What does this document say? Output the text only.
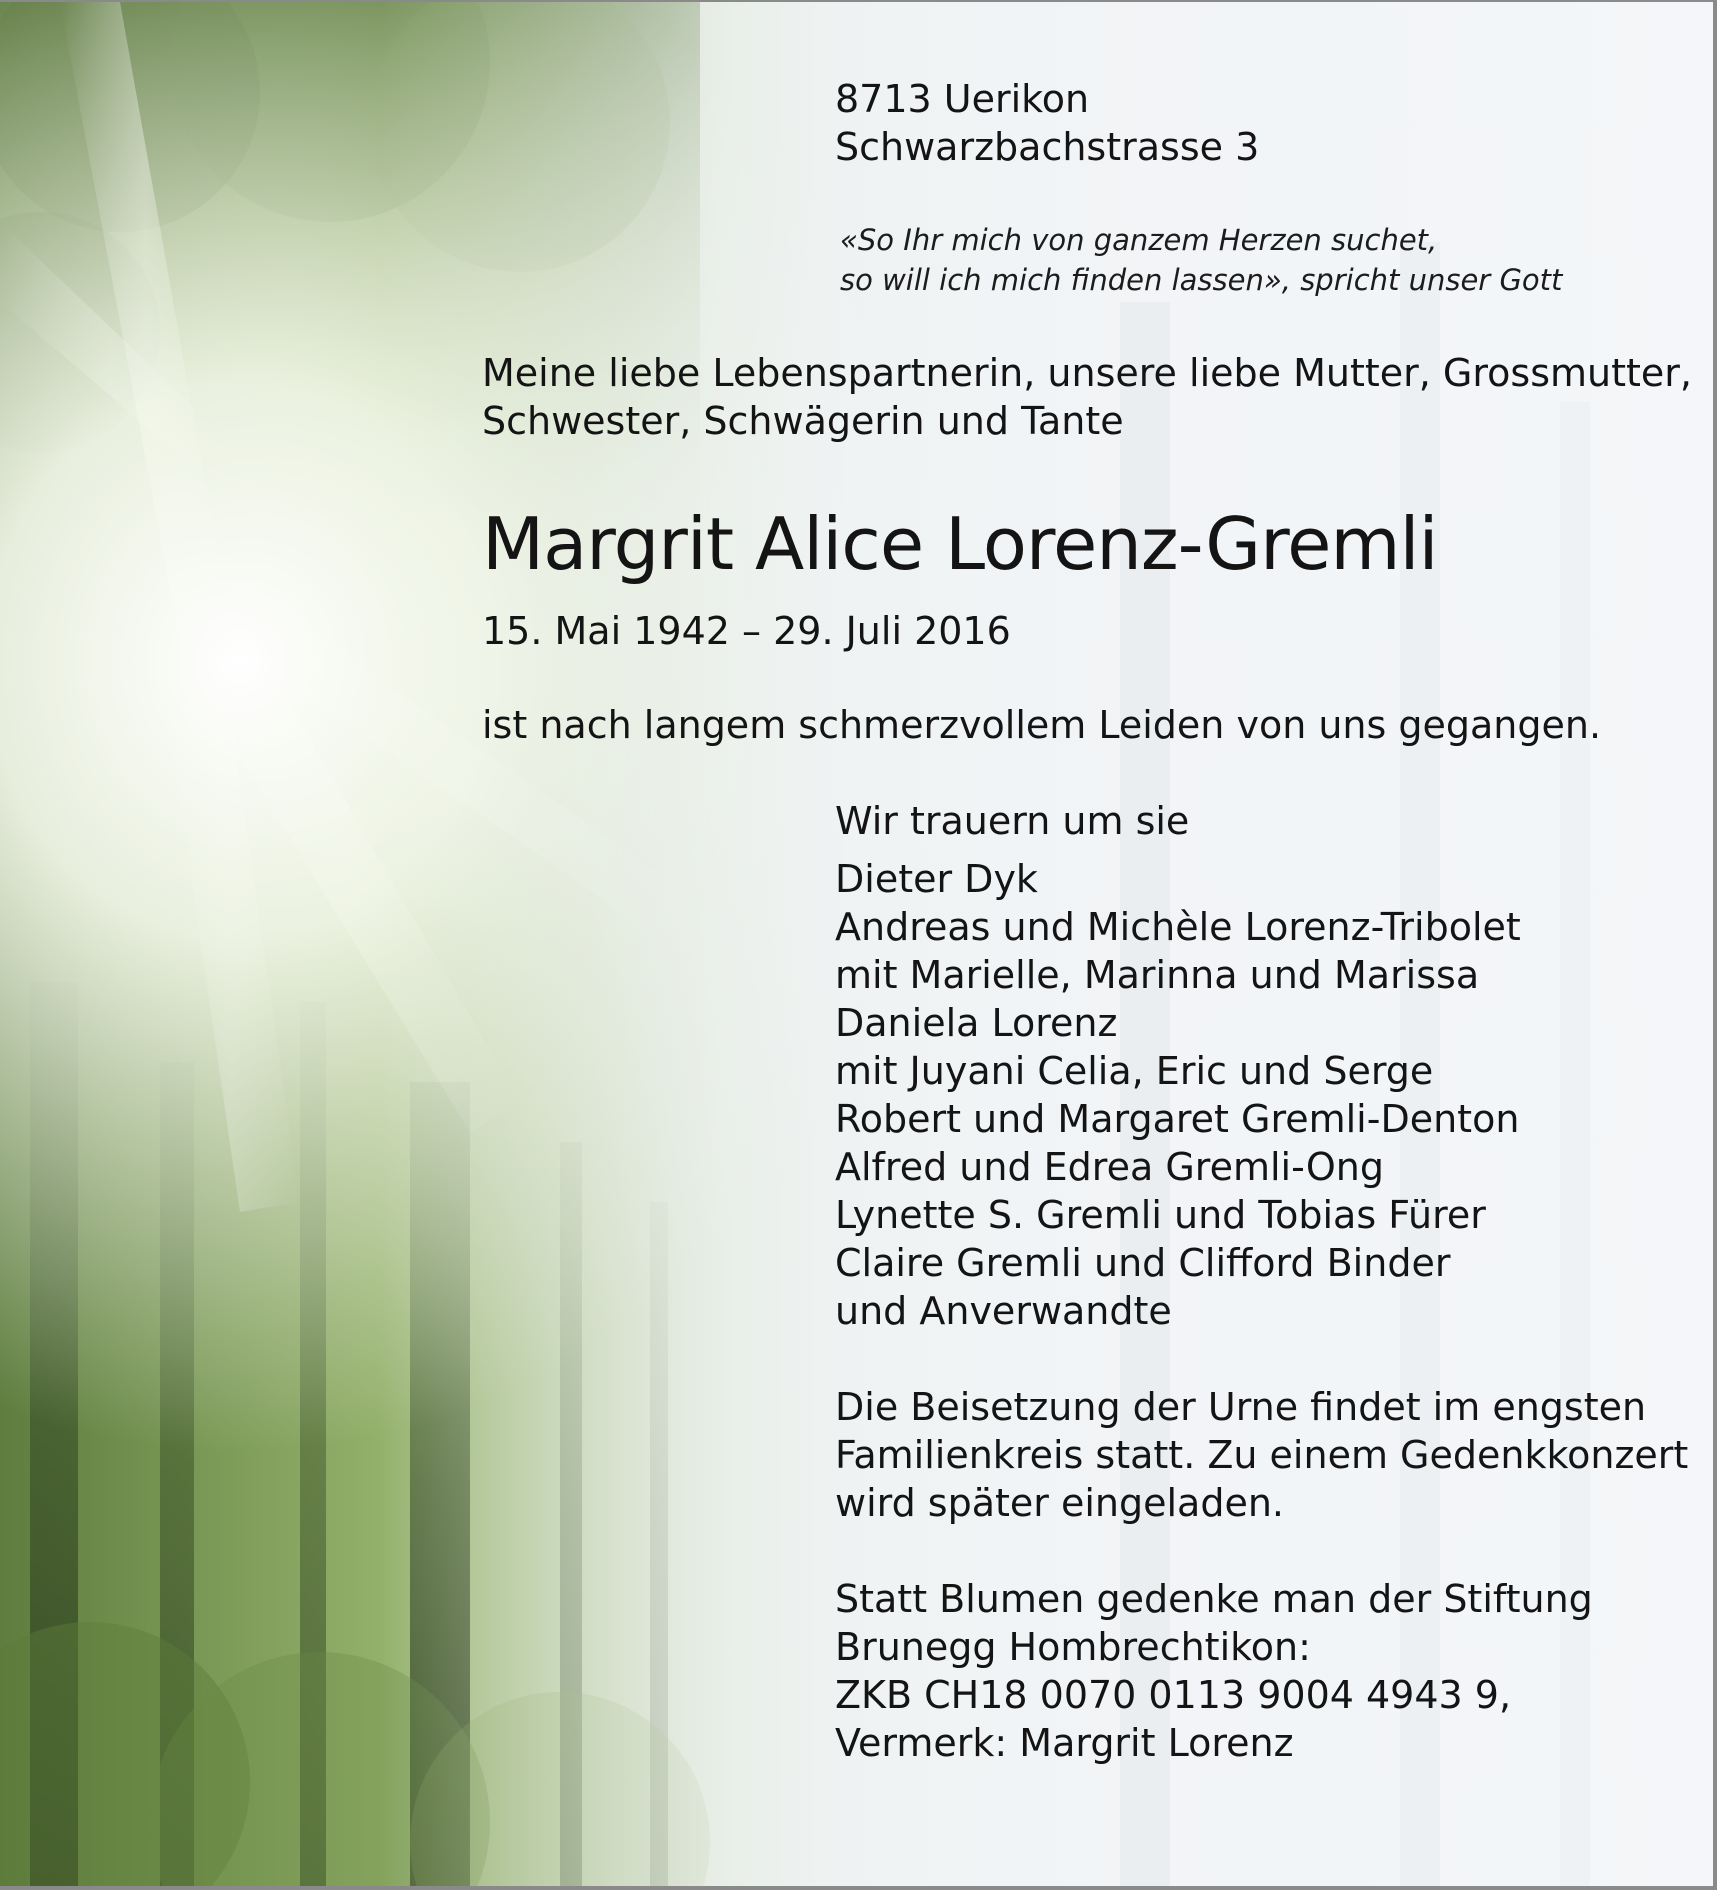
8713 Uerikon
Schwarzbachstrasse 3
«So Ihr mich von ganzem Herzen suchet,
so will ich mich finden lassen», spricht unser Gott
Meine liebe Lebenspartnerin, unsere liebe Mutter, Grossmutter,
Schwester, Schwägerin und Tante
Margrit Alice Lorenz-Gremli
15. Mai 1942 – 29. Juli 2016
ist nach langem schmerzvollem Leiden von uns gegangen.
Wir trauern um sie
Dieter Dyk
Andreas und Michèle Lorenz-Tribolet
mit Marielle, Marinna und Marissa
Daniela Lorenz
mit Juyani Celia, Eric und Serge
Robert und Margaret Gremli-Denton
Alfred und Edrea Gremli-Ong
Lynette S. Gremli und Tobias Fürer
Claire Gremli und Clifford Binder
und Anverwandte
Die Beisetzung der Urne findet im engsten
Familienkreis statt. Zu einem Gedenkkonzert
wird später eingeladen.
Statt Blumen gedenke man der Stiftung
Brunegg Hombrechtikon:
ZKB CH18 0070 0113 9004 4943 9,
Vermerk: Margrit Lorenz
